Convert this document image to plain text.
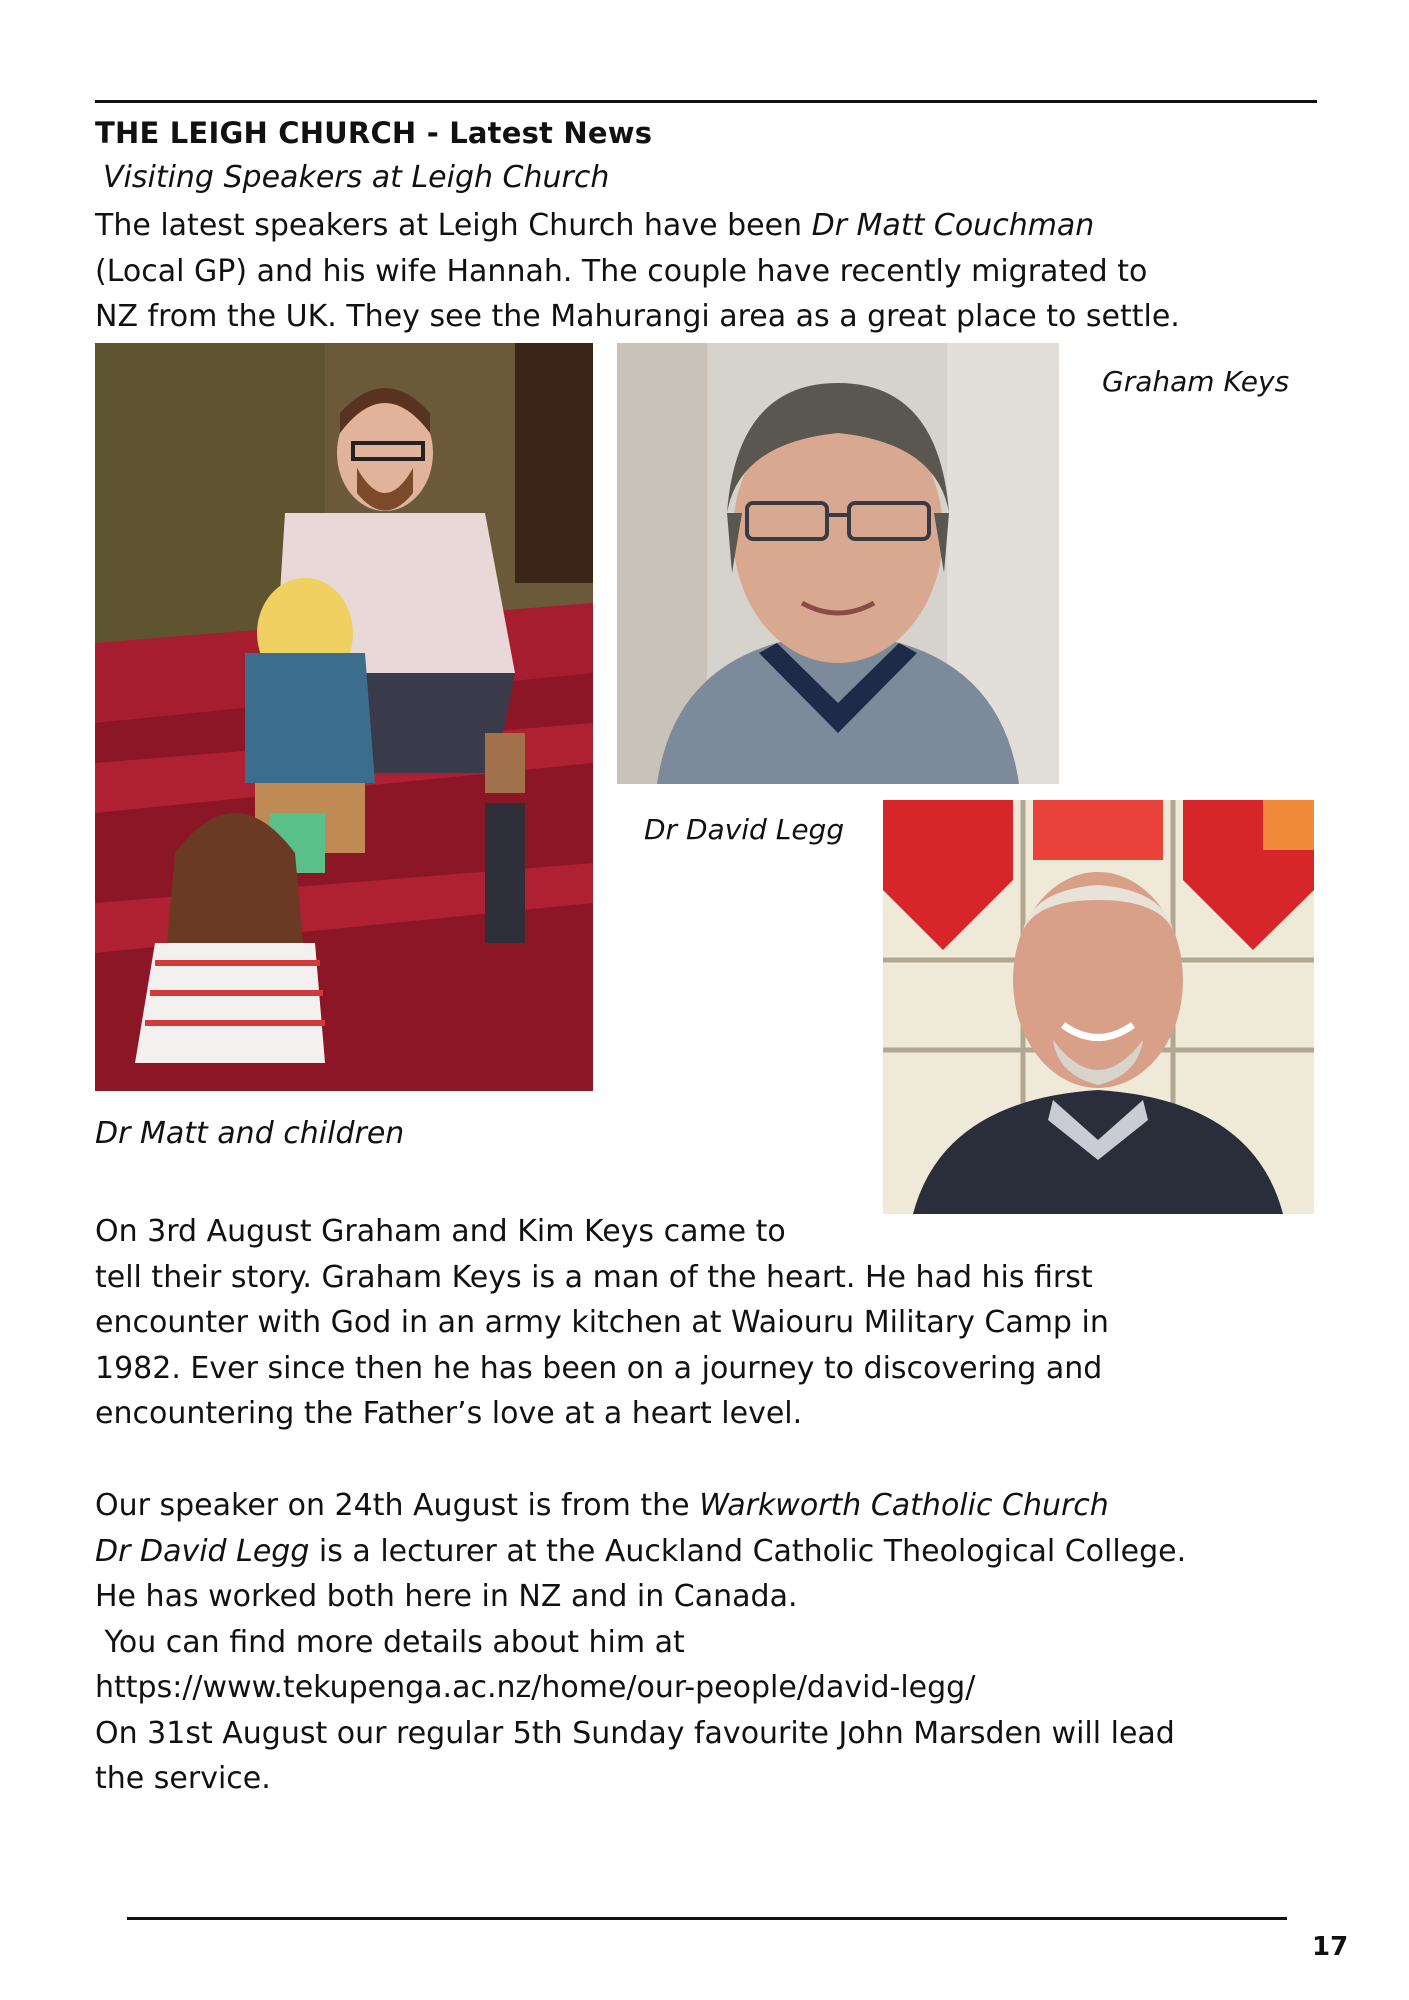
THE LEIGH CHURCH - Latest News
Visiting Speakers at Leigh Church
The latest speakers at Leigh Church have been Dr Matt Couchman
(Local GP) and his wife Hannah. The couple have recently migrated to
NZ from the UK. They see the Mahurangi area as a great place to settle.
Graham Keys
Dr David Legg
Dr Matt and children
On 3rd August Graham and Kim Keys came to
tell their story. Graham Keys is a man of the heart. He had his first
encounter with God in an army kitchen at Waiouru Military Camp in
1982. Ever since then he has been on a journey to discovering and
encountering the Father’s love at a heart level.
Our speaker on 24th August is from the Warkworth Catholic Church
Dr David Legg is a lecturer at the Auckland Catholic Theological College.
He has worked both here in NZ and in Canada.
You can find more details about him at
https://www.tekupenga.ac.nz/home/our-people/david-legg/
On 31st August our regular 5th Sunday favourite John Marsden will lead
the service.
17
